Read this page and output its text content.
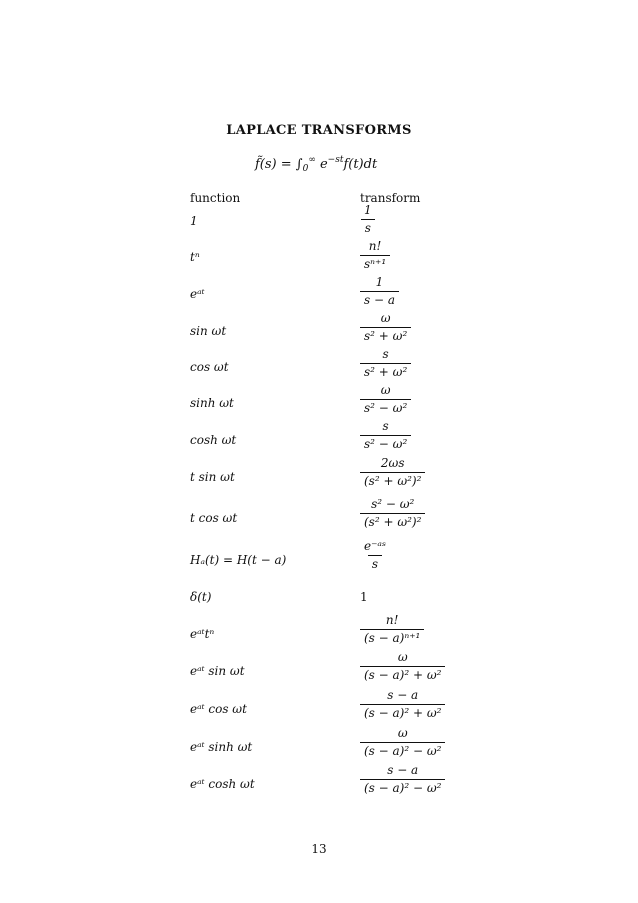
LAPLACE TRANSFORMS
f̃(s) = $\int_0^\infty$ $e^{-st}f(t)dt$
function	transform
1	$\frac{1}{s}$
tⁿ	$\frac{n!}{\text{sⁿ⁺¹}}$
eᵃᵗ	$\frac{1}{s - a}$
sin ωt	$\frac{\omega}{\text{s² + ω²}}$
cos ωt	$\frac{s}{\text{s² + ω²}}$
sinh ωt	$\frac{\omega}{\text{s² − ω²}}$
cosh ωt	$\frac{s}{\text{s² − ω²}}$
t sin ωt	$\frac{2\omega s}{\text{(s² + ω²)²}}$
t cos ωt	$\frac{\text{s² − ω²}}{\text{(s² + ω²)²}}$
Hₐ(t) = H(t − a)	$\frac{\text{e⁻ᵃˢ}}{s}$
δ(t)	1
eᵃᵗtⁿ	$\frac{n!}{\text{(s − a)ⁿ⁺¹}}$
eᵃᵗ sin ωt	$\frac{\omega}{\text{(s − a)² + ω²}}$
eᵃᵗ cos ωt	$\frac{s - a}{\text{(s − a)² + ω²}}$
eᵃᵗ sinh ωt	$\frac{\omega}{\text{(s − a)² − ω²}}$
eᵃᵗ cosh ωt	$\frac{s - a}{\text{(s − a)² − ω²}}$
13
